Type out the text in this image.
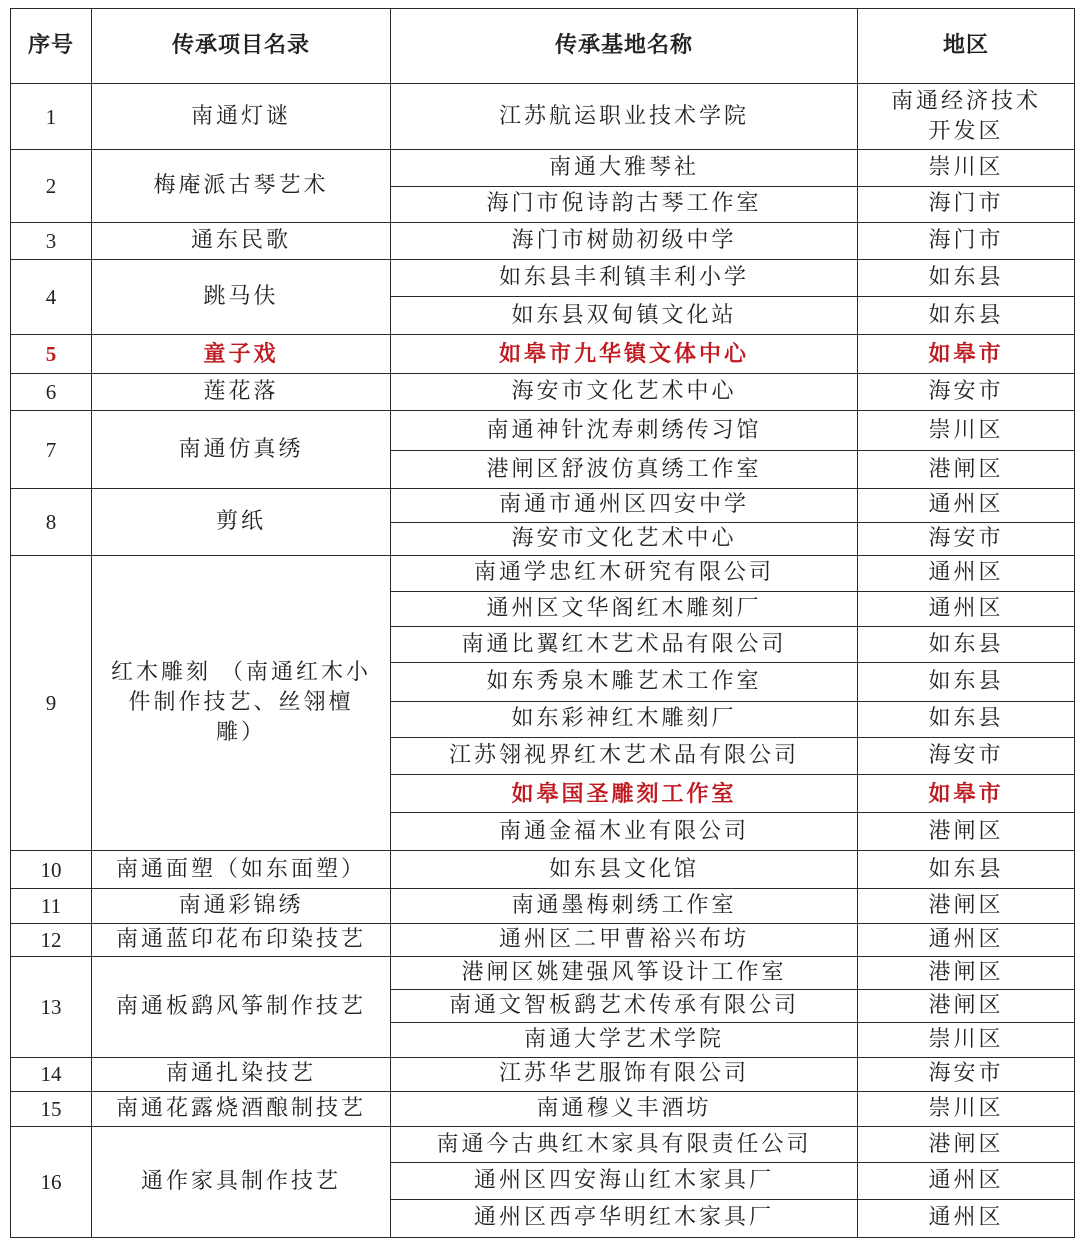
序号	传承项目名录	传承基地名称	地区
1	南通灯谜	江苏航运职业技术学院	南通经济技术开发区
2	梅庵派古琴艺术	南通大雅琴社	崇川区
		海门市倪诗韵古琴工作室	海门市
3	通东民歌	海门市树勋初级中学	海门市
4	跳马伕	如东县丰利镇丰利小学	如东县
		如东县双甸镇文化站	如东县
5	童子戏	如皋市九华镇文体中心	如皋市
6	莲花落	海安市文化艺术中心	海安市
7	南通仿真绣	南通神针沈寿刺绣传习馆	崇川区
		港闸区舒波仿真绣工作室	港闸区
8	剪纸	南通市通州区四安中学	通州区
		海安市文化艺术中心	海安市
9	红木雕刻 （南通红木小件制作技艺、丝翎檀雕）	南通学忠红木研究有限公司	通州区
		通州区文华阁红木雕刻厂	通州区
		南通比翼红木艺术品有限公司	如东县
		如东秀泉木雕艺术工作室	如东县
		如东彩神红木雕刻厂	如东县
		江苏翎视界红木艺术品有限公司	海安市
		如皋国圣雕刻工作室	如皋市
		南通金福木业有限公司	港闸区
10	南通面塑（如东面塑）	如东县文化馆	如东县
11	南通彩锦绣	南通墨梅刺绣工作室	港闸区
12	南通蓝印花布印染技艺	通州区二甲曹裕兴布坊	通州区
13	南通板鹞风筝制作技艺	港闸区姚建强风筝设计工作室	港闸区
		南通文智板鹞艺术传承有限公司	港闸区
		南通大学艺术学院	崇川区
14	南通扎染技艺	江苏华艺服饰有限公司	海安市
15	南通花露烧酒酿制技艺	南通穆义丰酒坊	崇川区
16	通作家具制作技艺	南通今古典红木家具有限责任公司	港闸区
		通州区四安海山红木家具厂	通州区
		通州区西亭华明红木家具厂	通州区
